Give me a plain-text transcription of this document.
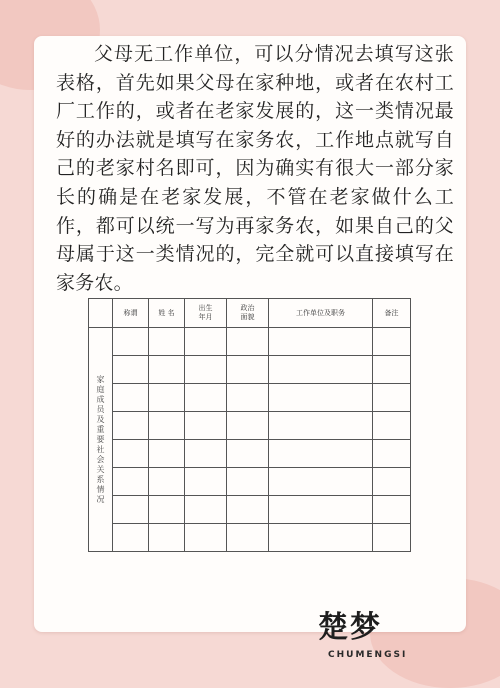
父母无工作单位，可以分情况去填写这张表格，首先如果父母在家种地，或者在农村工厂工作的，或者在老家发展的，这一类情况最好的办法就是填写在家务农，工作地点就写自己的老家村名即可，因为确实有很大一部分家长的确是在老家发展，不管在老家做什么工作，都可以统一写为再家务农，如果自己的父母属于这一类情况的，完全就可以直接填写在家务农。

	称谓	姓 名	出生年月	政治面貌	工作单位及职务	备注

家庭成员及重要社会关系情况						

楚梦
CHUMENGSI
